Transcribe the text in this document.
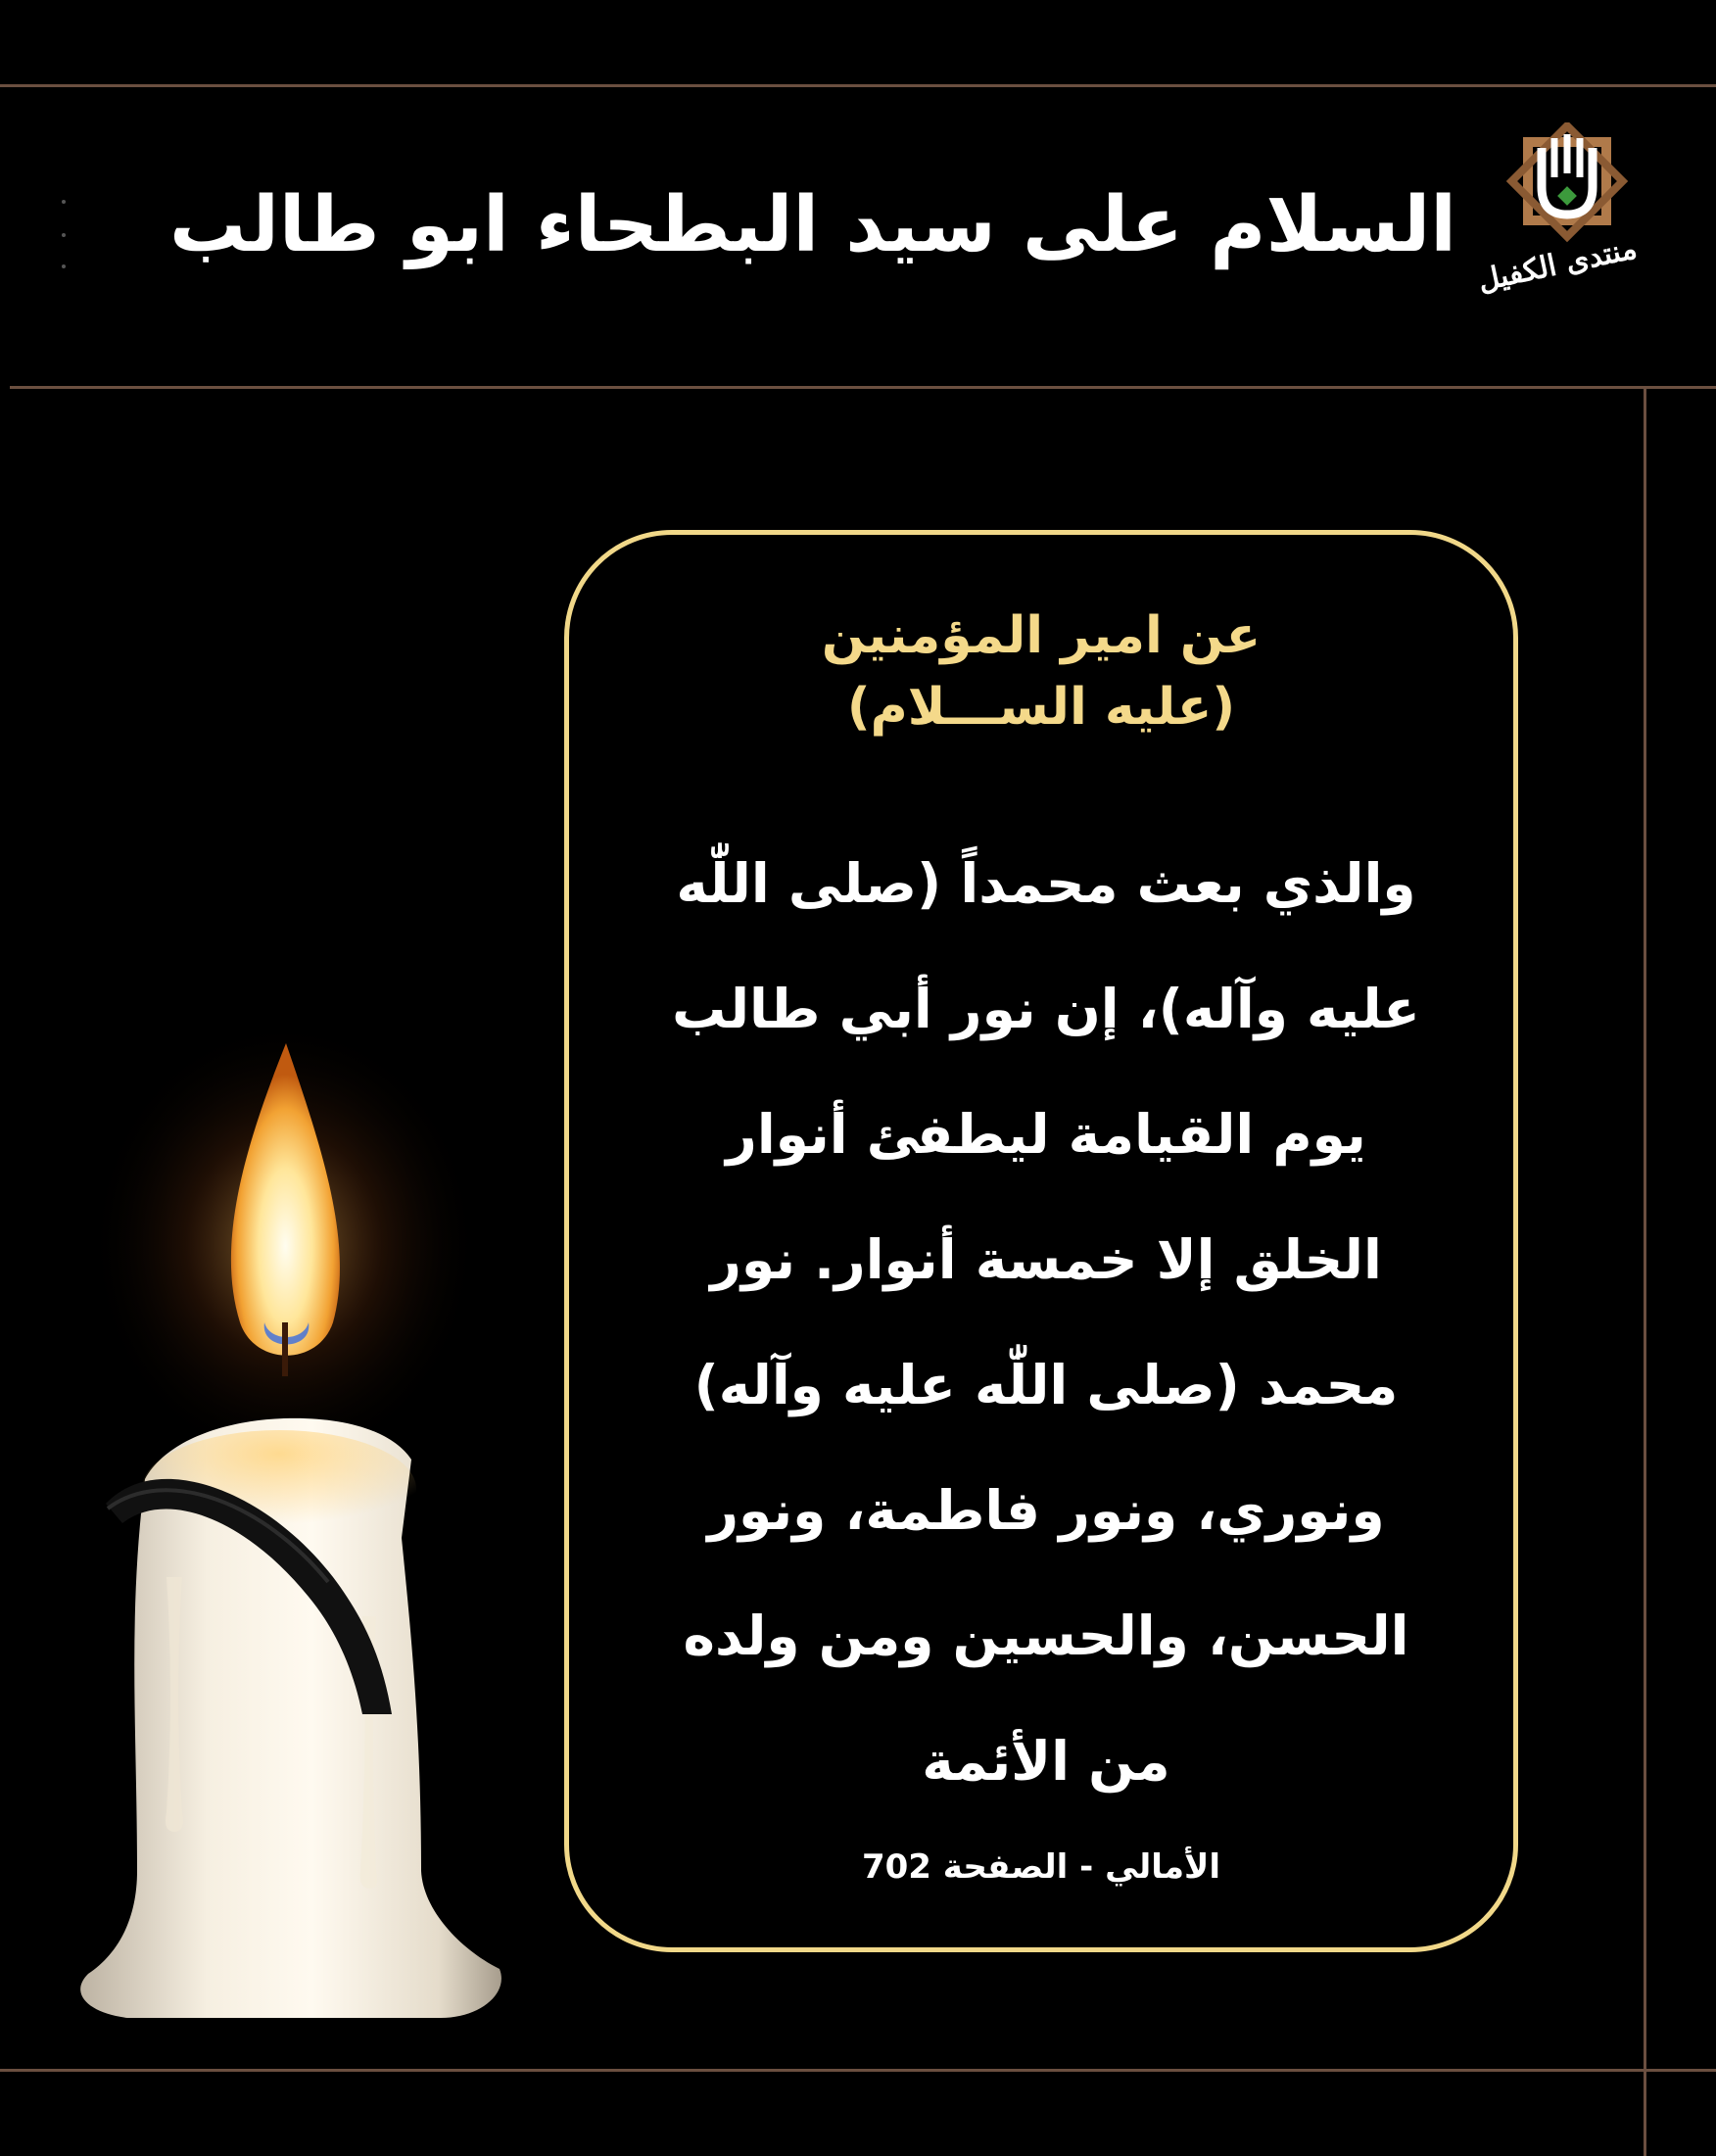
السلام على سيد البطحاء ابو طالب منتدى الكفيل
عن امير المؤمنين
(عليه الســـلام)
والذي بعث محمداً (صلى اللّٰه
عليه وآله)، إن نور أبي طالب
يوم القيامة ليطفئ أنوار
الخلق إلا خمسة أنوار. نور
محمد (صلى اللّٰه عليه وآله)
ونوري، ونور فاطمة، ونور
الحسن، والحسين ومن ولده
من الأئمة
الأمالي - الصفحة 702
